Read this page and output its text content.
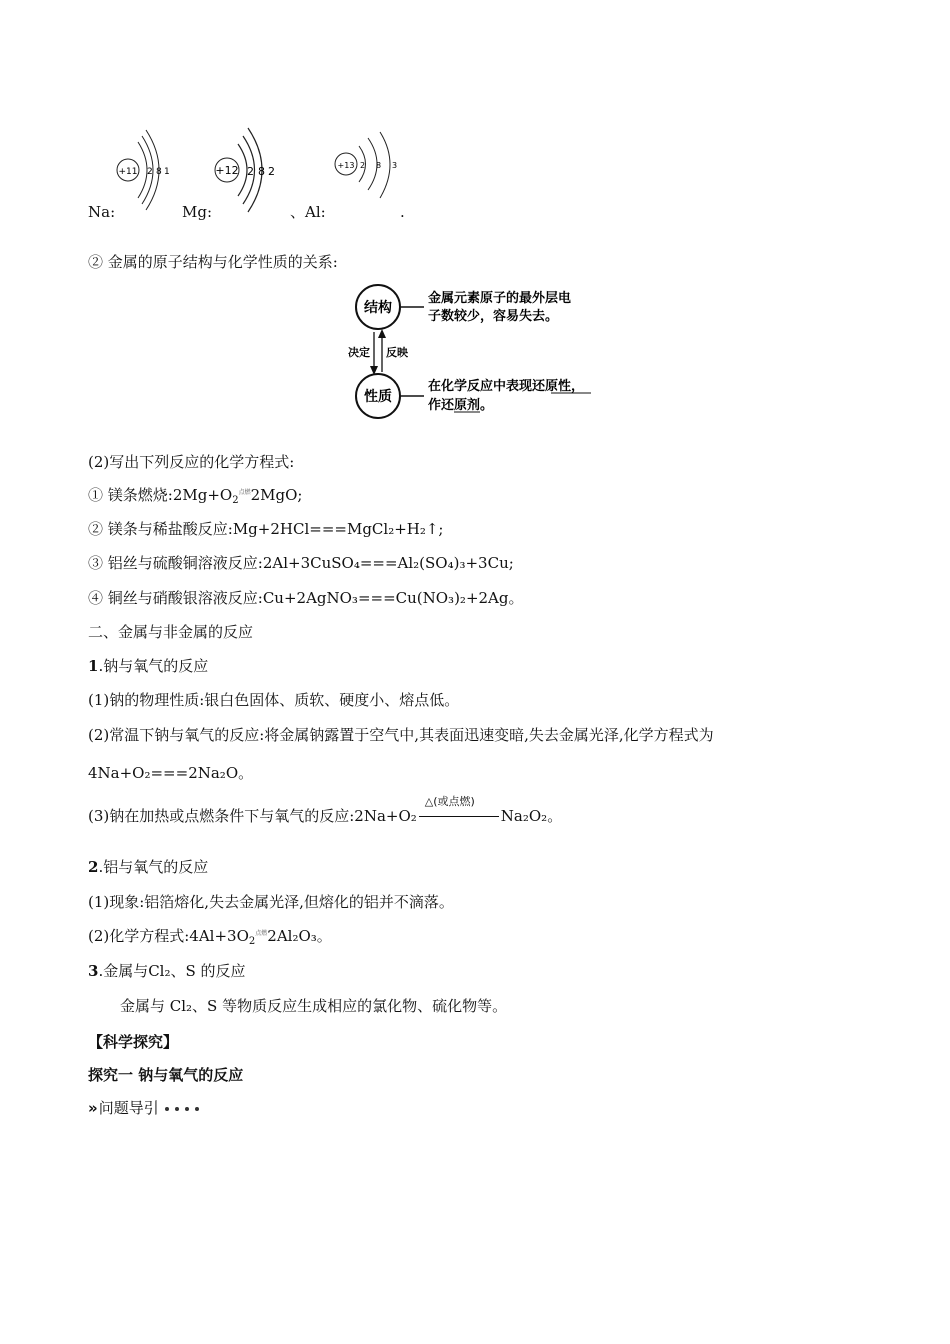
+11 2 8 1	+12 2 8 2	+13 2 8 3
Na:	Mg:	、Al:	.
② 金属的原子结构与化学性质的关系:
结构
金属元素原子的最外层电
子数较少，容易失去。
决定 反映
性质
在化学反应中表现还原性，
作还原剂。
(2)写出下列反应的化学方程式:
① 镁条燃烧$:2Mg+O_2$点燃2MgO;
② 镁条与稀盐酸反应:Mg+2HCl===MgCl₂+H₂↑;
③ 铝丝与硫酸铜溶液反应:2Al+3CuSO₄===Al₂(SO₄)₃+3Cu;
④ 铜丝与硝酸银溶液反应:Cu+2AgNO₃===Cu(NO₃)₂+2Ag。
二、金属与非金属的反应
1.钠与氧气的反应
(1)钠的物理性质:银白色固体、质软、硬度小、熔点低。
(2)常温下钠与氧气的反应:将金属钠露置于空气中,其表面迅速变暗,失去金属光泽,化学方程式为
4Na+O₂===2Na₂O。
(3)钠在加热或点燃条件下与氧气的反应:2Na+O₂
△(或点燃)
Na₂O₂。
2.铝与氧气的反应
(1)现象:铝箔熔化,失去金属光泽,但熔化的铝并不滴落。
(2)化学方程式$:4Al+3O_2$点燃2Al₂O₃。
3.金属与Cl₂、S 的反应
金属与 Cl₂、S 等物质反应生成相应的氯化物、硫化物等。
【科学探究】
探究一 钠与氧气的反应
» 问题导引
